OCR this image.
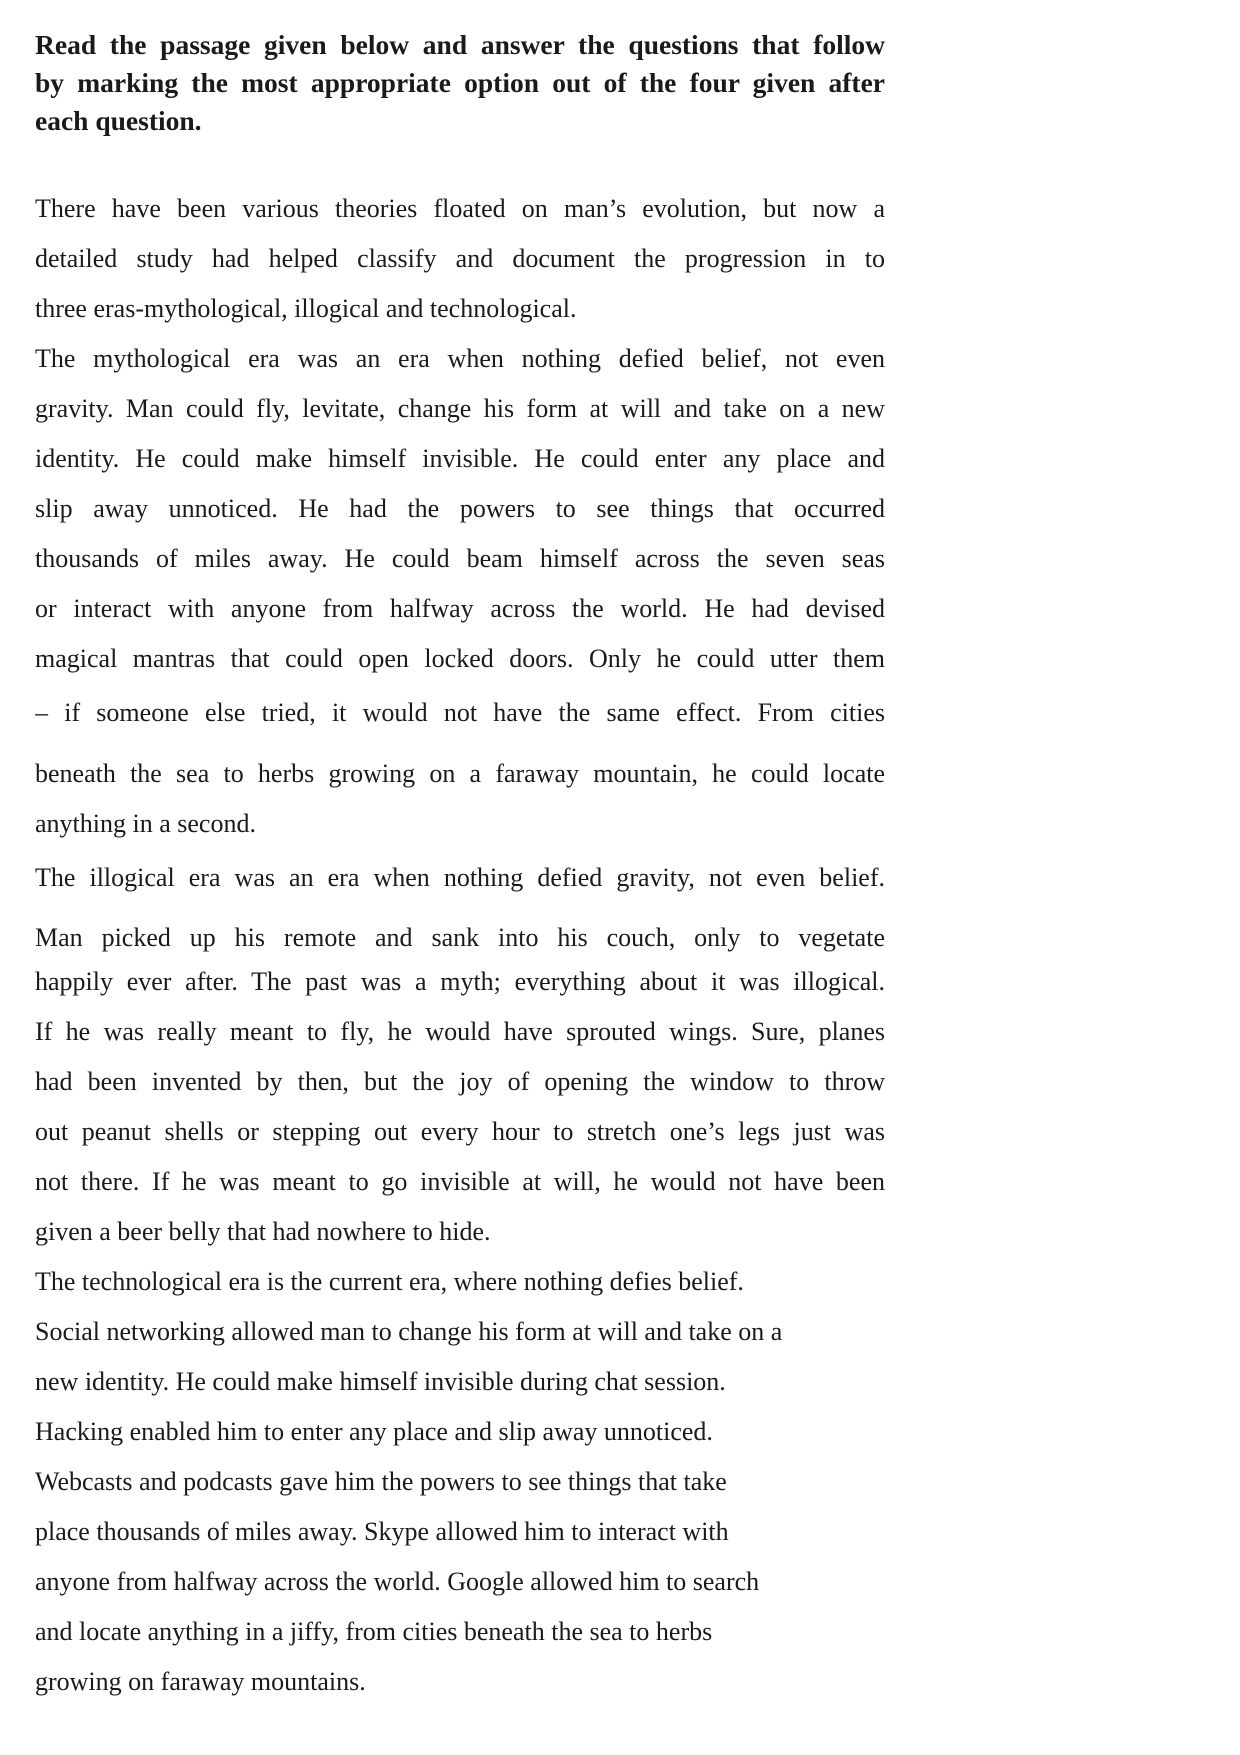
Read the passage given below and answer the questions that follow
by marking the most appropriate option out of the four given after
each question.
There have been various theories floated on man’s evolution, but now a
detailed study had helped classify and document the progression in to
three eras-mythological, illogical and technological.
The mythological era was an era when nothing defied belief, not even
gravity. Man could fly, levitate, change his form at will and take on a new
identity. He could make himself invisible. He could enter any place and
slip away unnoticed. He had the powers to see things that occurred
thousands of miles away. He could beam himself across the seven seas
or interact with anyone from halfway across the world. He had devised
magical mantras that could open locked doors. Only he could utter them
– if someone else tried, it would not have the same effect. From cities
beneath the sea to herbs growing on a faraway mountain, he could locate
anything in a second.
The illogical era was an era when nothing defied gravity, not even belief.
Man picked up his remote and sank into his couch, only to vegetate
happily ever after. The past was a myth; everything about it was illogical.
If he was really meant to fly, he would have sprouted wings. Sure, planes
had been invented by then, but the joy of opening the window to throw
out peanut shells or stepping out every hour to stretch one’s legs just was
not there. If he was meant to go invisible at will, he would not have been
given a beer belly that had nowhere to hide.
The technological era is the current era, where nothing defies belief.
Social networking allowed man to change his form at will and take on a
new identity. He could make himself invisible during chat session.
Hacking enabled him to enter any place and slip away unnoticed.
Webcasts and podcasts gave him the powers to see things that take
place thousands of miles away. Skype allowed him to interact with
anyone from halfway across the world. Google allowed him to search
and locate anything in a jiffy, from cities beneath the sea to herbs
growing on faraway mountains.
